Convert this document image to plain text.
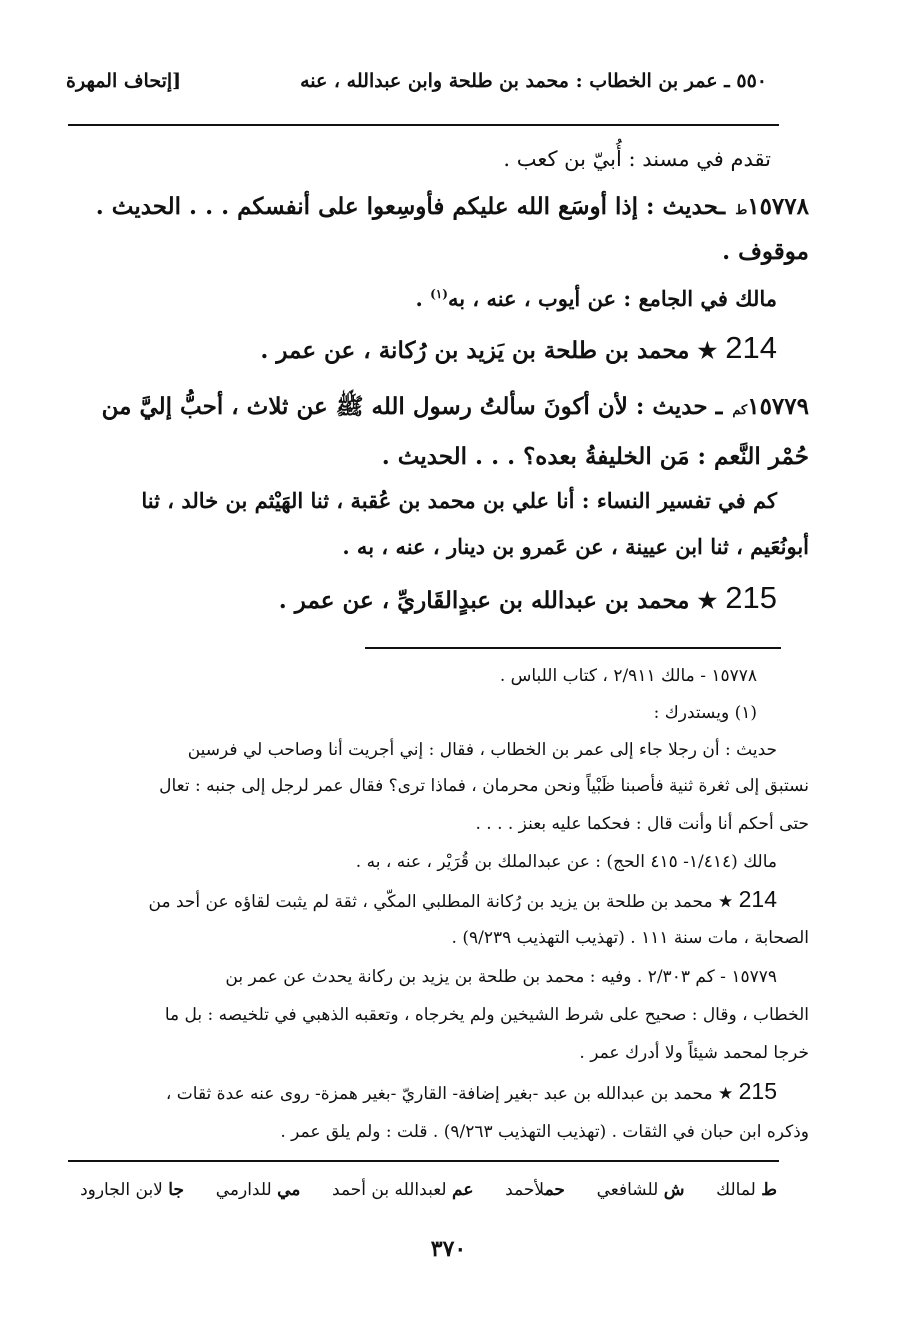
٥٥٠ ـ عمر بن الخطاب : محمد بن طلحة وابن عبدالله ، عنه
[إتحاف المهرة
تقدم في مسند : أُبيّ بن كعب .
١٥٧٧٨ط ـحديث : إذا أوسَع الله عليكم فأوسِعوا على أنفسكم . . . الحديث .
موقوف .
مالك في الجامع : عن أيوب ، عنه ، به$^{(١)}$ .
214 ★ محمد بن طلحة بن يَزيد بن رُكانة ، عن عمر .
١٥٧٧٩كم ـ حديث : لأن أكونَ سألتُ رسول الله ﷺ عن ثلاث ، أحبُّ إليَّ من
حُمْر النَّعم : مَن الخليفةُ بعده؟ . . . الحديث .
كم في تفسير النساء : أنا علي بن محمد بن عُقبة ، ثنا الهَيْثم بن خالد ، ثنا
أبونُعَيم ، ثنا ابن عيينة ، عن عَمرو بن دينار ، عنه ، به .
215 ★ محمد بن عبدالله بن عبدٍالقَاريِّ ، عن عمر .
١٥٧٧٨ - مالك ٢/٩١١ ، كتاب اللباس .
(١) ويستدرك :
حديث : أن رجلا جاء إلى عمر بن الخطاب ، فقال : إني أجريت أنا وصاحب لي فرسين
نستبق إلى ثغرة ثنية فأصبنا ظَبْياً ونحن محرمان ، فماذا ترى؟ فقال عمر لرجل إلى جنبه : تعال
حتى أحكم أنا وأنت قال : فحكما عليه بعنز . . . .
مالك (١/٤١٤- ٤١٥ الحج) : عن عبدالملك بن قُرَيْر ، عنه ، به .
214 ★ محمد بن طلحة بن يزيد بن رُكانة المطلبي المكّي ، ثقة لم يثبت لقاؤه عن أحد من
الصحابة ، مات سنة ١١١ . (تهذيب التهذيب ٩/٢٣٩) .
١٥٧٧٩ - كم ٢/٣٠٣ . وفيه : محمد بن طلحة بن يزيد بن ركانة يحدث عن عمر بن
الخطاب ، وقال : صحيح على شرط الشيخين ولم يخرجاه ، وتعقبه الذهبي في تلخيصه : بل ما
خرجا لمحمد شيئاً ولا أدرك عمر .
215 ★ محمد بن عبدالله بن عبد -بغير إضافة- القاريّ -بغير همزة- روى عنه عدة ثقات ،
وذكره ابن حبان في الثقات . (تهذيب التهذيب ٩/٢٦٣) . قلت : ولم يلق عمر .
ط لمالك
ش للشافعي
حملأحمد
عم لعبدالله بن أحمد
مي للدارمي
جا لابن الجارود
٣٧٠
